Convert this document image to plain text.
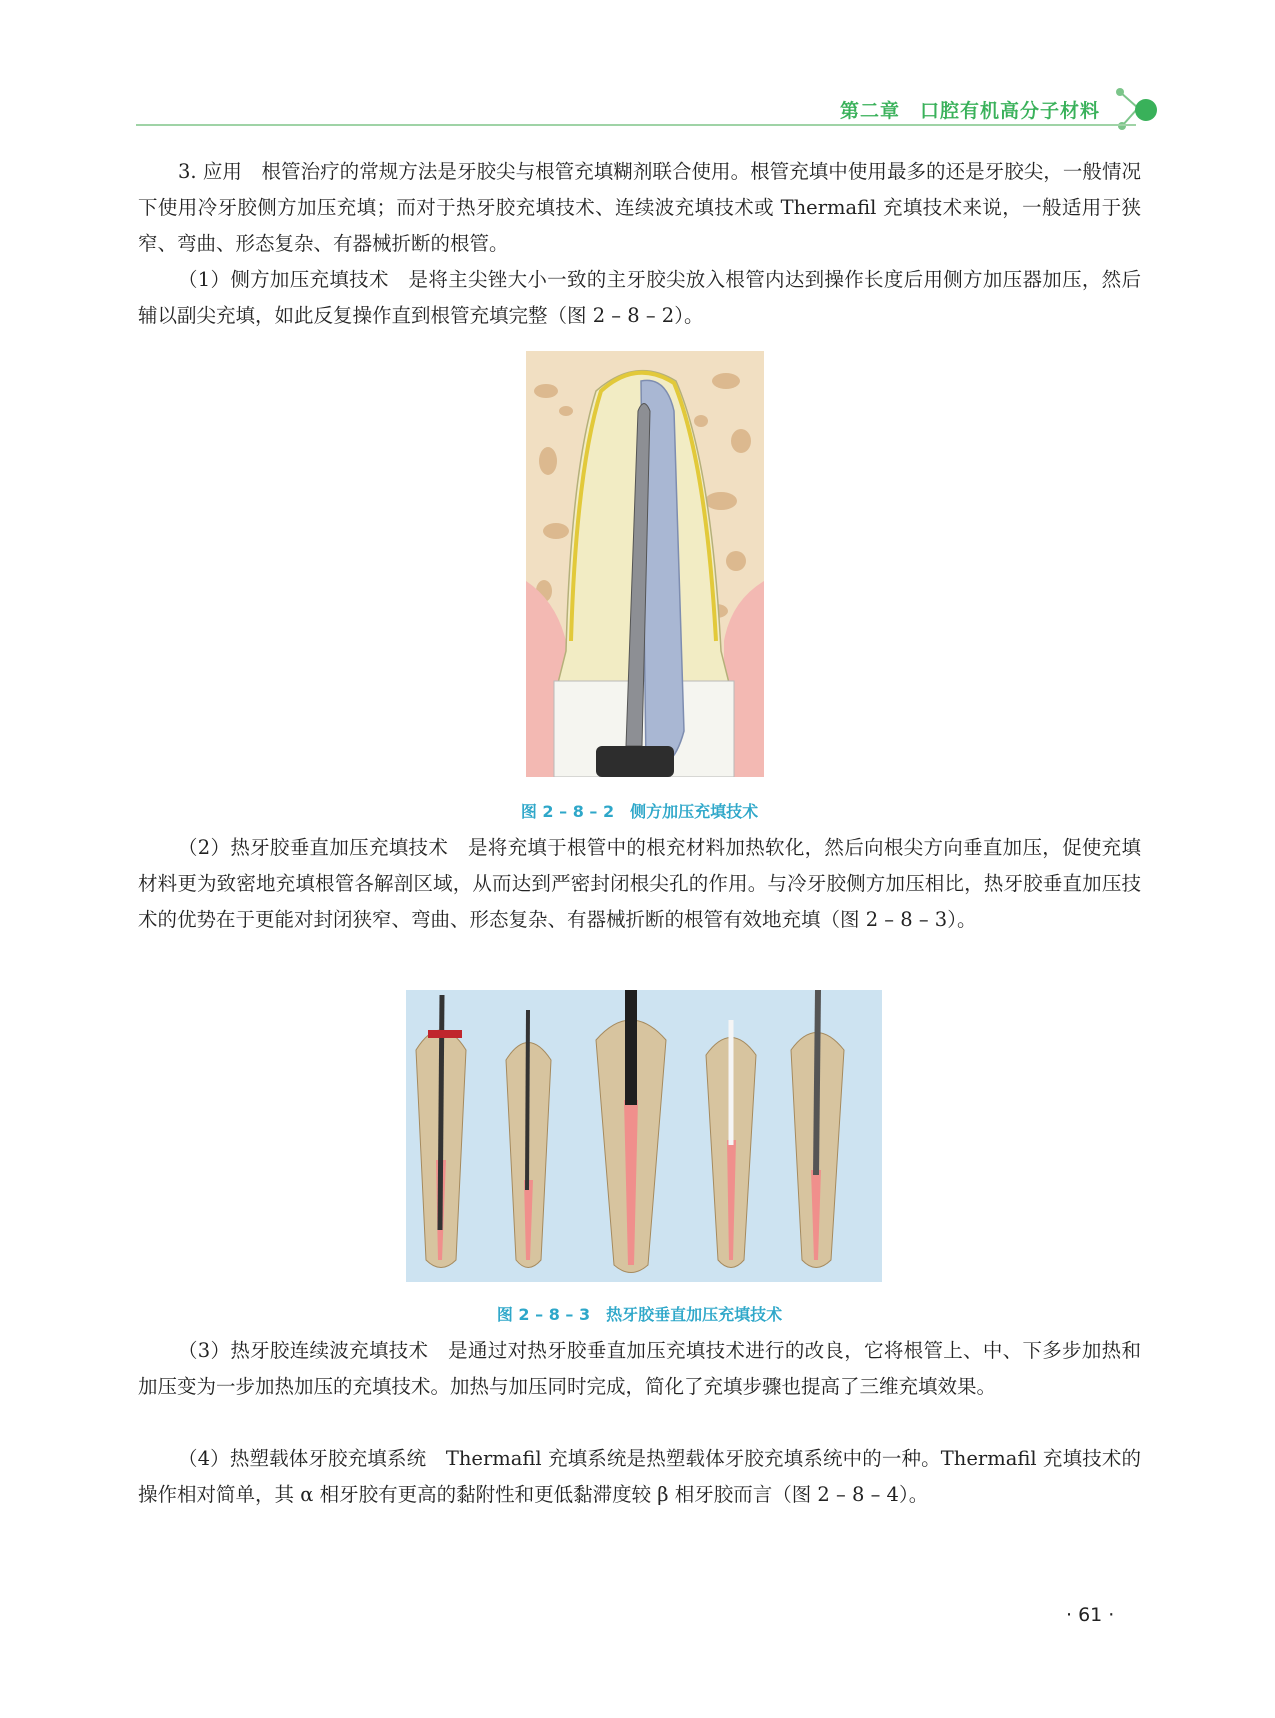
第二章　口腔有机高分子材料

3. 应用　根管治疗的常规方法是牙胶尖与根管充填糊剂联合使用。根管充填中使用最多的还是牙胶尖，一般情况下使用冷牙胶侧方加压充填；而对于热牙胶充填技术、连续波充填技术或 Thermafil 充填技术来说，一般适用于狭窄、弯曲、形态复杂、有器械折断的根管。

（1）侧方加压充填技术　是将主尖锉大小一致的主牙胶尖放入根管内达到操作长度后用侧方加压器加压，然后辅以副尖充填，如此反复操作直到根管充填完整（图 2 – 8 – 2）。

图 2 – 8 – 2　侧方加压充填技术

（2）热牙胶垂直加压充填技术　是将充填于根管中的根充材料加热软化，然后向根尖方向垂直加压，促使充填材料更为致密地充填根管各解剖区域，从而达到严密封闭根尖孔的作用。与冷牙胶侧方加压相比，热牙胶垂直加压技术的优势在于更能对封闭狭窄、弯曲、形态复杂、有器械折断的根管有效地充填（图 2 – 8 – 3）。

图 2 – 8 – 3　热牙胶垂直加压充填技术

（3）热牙胶连续波充填技术　是通过对热牙胶垂直加压充填技术进行的改良，它将根管上、中、下多步加热和加压变为一步加热加压的充填技术。加热与加压同时完成，简化了充填步骤也提高了三维充填效果。

（4）热塑载体牙胶充填系统　Thermafil 充填系统是热塑载体牙胶充填系统中的一种。Thermafil 充填技术的操作相对简单，其 α 相牙胶有更高的黏附性和更低黏滞度较 β 相牙胶而言（图 2 – 8 – 4）。

· 61 ·
